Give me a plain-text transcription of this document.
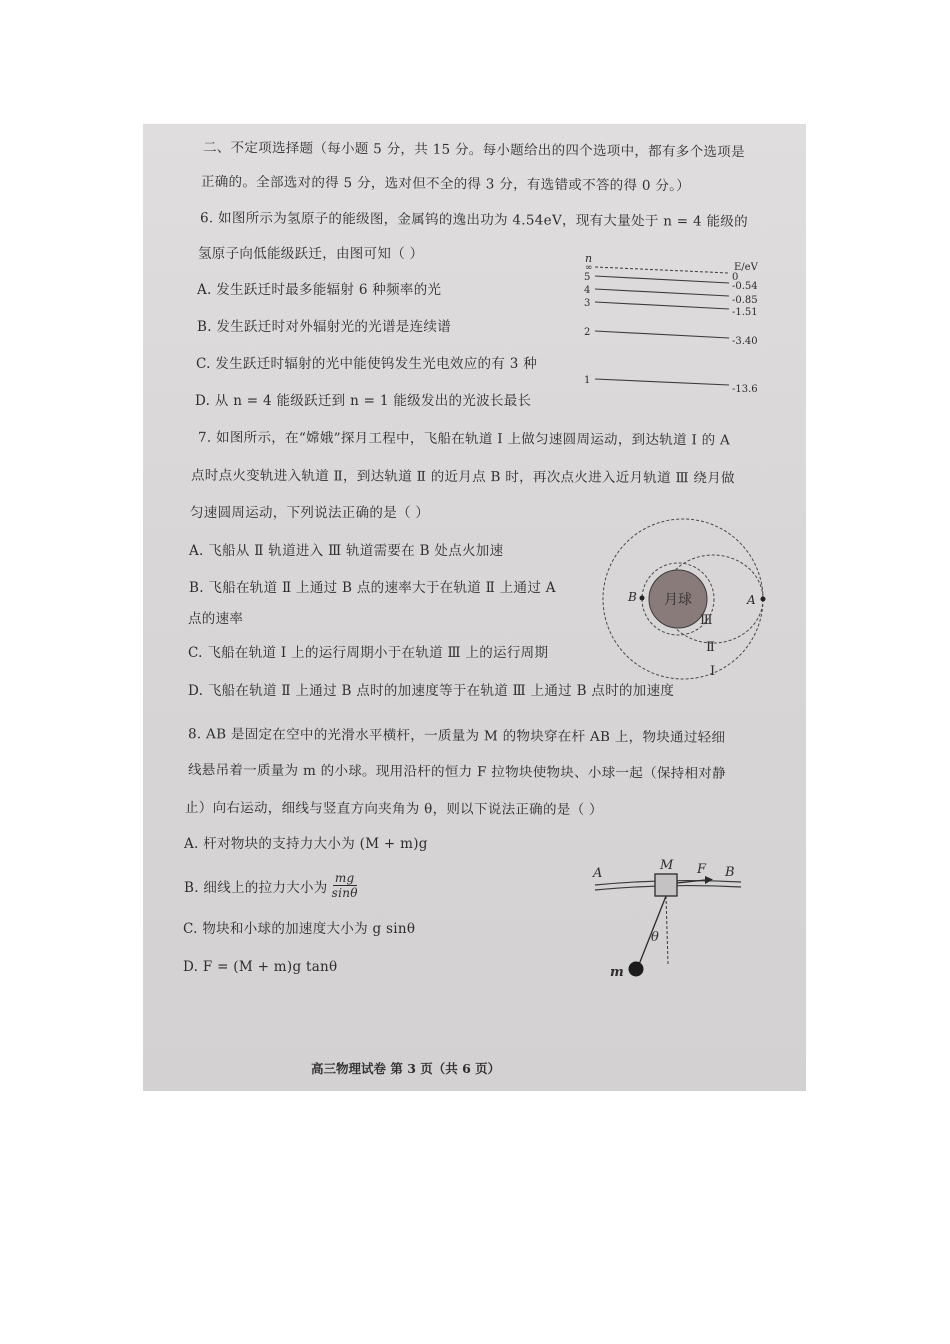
二、不定项选择题（每小题 5 分，共 15 分。每小题给出的四个选项中，都有多个选项是
正确的。全部选对的得 5 分，选对但不全的得 3 分，有选错或不答的得 0 分。）
6. 如图所示为氢原子的能级图，金属钨的逸出功为 4.54eV，现有大量处于 n = 4 能级的
氢原子向低能级跃迁，由图可知（ ）
A. 发生跃迁时最多能辐射 6 种频率的光
B. 发生跃迁时对外辐射光的光谱是连续谱
C. 发生跃迁时辐射的光中能使钨发生光电效应的有 3 种
D. 从 n = 4 能级跃迁到 n = 1 能级发出的光波长最长
n
E/eV
∞
0
5
-0.54
4
-0.85
3
-1.51
2
-3.40
1
-13.6
7. 如图所示，在“嫦娥”探月工程中，飞船在轨道 Ⅰ 上做匀速圆周运动，到达轨道 Ⅰ 的 A
点时点火变轨进入轨道 Ⅱ，到达轨道 Ⅱ 的近月点 B 时，再次点火进入近月轨道 Ⅲ 绕月做
匀速圆周运动，下列说法正确的是（ ）
A. 飞船从 Ⅱ 轨道进入 Ⅲ 轨道需要在 B 处点火加速
B. 飞船在轨道 Ⅱ 上通过 B 点的速率大于在轨道 Ⅱ 上通过 A
点的速率
C. 飞船在轨道 Ⅰ 上的运行周期小于在轨道 Ⅲ 上的运行周期
D. 飞船在轨道 Ⅱ 上通过 B 点时的加速度等于在轨道 Ⅲ 上通过 B 点时的加速度
月球
B	A
Ⅲ
Ⅱ
Ⅰ
8. AB 是固定在空中的光滑水平横杆，一质量为 M 的物块穿在杆 AB 上，物块通过轻细
线悬吊着一质量为 m 的小球。现用沿杆的恒力 F 拉物块使物块、小球一起（保持相对静
止）向右运动，细线与竖直方向夹角为 θ，则以下说法正确的是（ ）
A. 杆对物块的支持力大小为 (M + m)g
B. 细线上的拉力大小为 $\frac{mg}{\sin\theta}$
C. 物块和小球的加速度大小为 g sinθ
D. F = (M + m)g tanθ
A	B
M F
θ
m
高三物理试卷 第 3 页（共 6 页）
